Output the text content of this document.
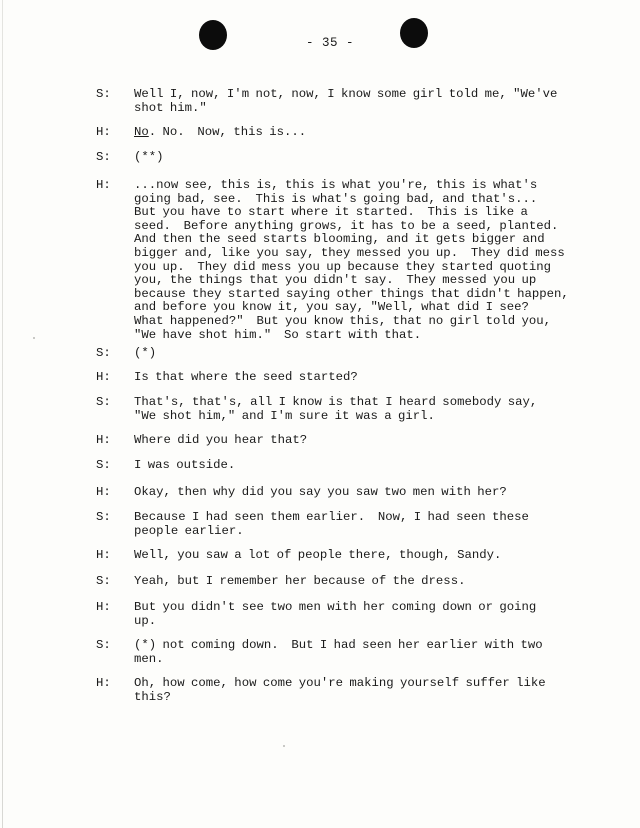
- 35 -
S:	Well I, now, I'm not, now, I know some girl told me, "We've
shot him."
H:	No. No.  Now, this is...
S:	(**)
H:	...now see, this is, this is what you're, this is what's
going bad, see.  This is what's going bad, and that's...
But you have to start where it started.  This is like a
seed.  Before anything grows, it has to be a seed, planted.
And then the seed starts blooming, and it gets bigger and
bigger and, like you say, they messed you up.  They did mess
you up.  They did mess you up because they started quoting
you, the things that you didn't say.  They messed you up
because they started saying other things that didn't happen,
and before you know it, you say, "Well, what did I see?
What happened?"  But you know this, that no girl told you,
"We have shot him."  So start with that.
S:	(*)
H:	Is that where the seed started?
S:	That's, that's, all I know is that I heard somebody say,
"We shot him," and I'm sure it was a girl.
H:	Where did you hear that?
S:	I was outside.
H:	Okay, then why did you say you saw two men with her?
S:	Because I had seen them earlier.  Now, I had seen these
people earlier.
H:	Well, you saw a lot of people there, though, Sandy.
S:	Yeah, but I remember her because of the dress.
H:	But you didn't see two men with her coming down or going
up.
S:	(*) not coming down.  But I had seen her earlier with two
men.
H:	Oh, how come, how come you're making yourself suffer like
this?
